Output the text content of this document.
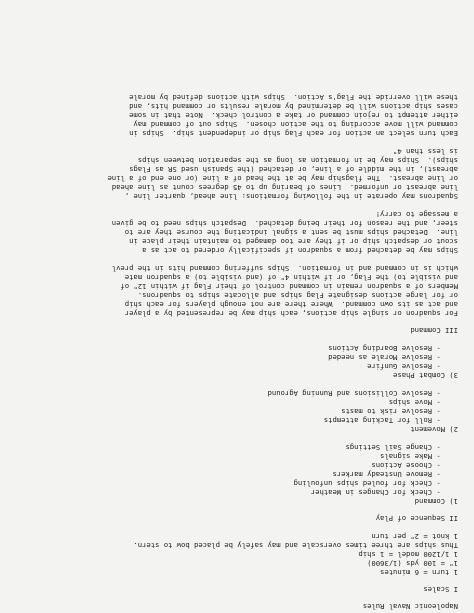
Napoleonic Naval Rules
I Scales
1 turn = 6 minutes
1" = 100 yds (1/3600)
1 1/1200 model = 1 ship
Thus ships are three times overscale and may safely be placed bow to stern.
1 knot = 2" per turn
II Sequence of Play
1) Command
- Check for Changes in Weather
- Check for fouled ships unfouling
- Remove Unsteady markers
- Choose Actions
- Make signals
- Change Sail Settings
2) Movement
- Roll for Tacking attempts
- Resolve risk to masts
- Move ships
- Resolve Collisions and Running Aground
3) Combat Phase
- Resolve Gunfire
- Resolve Morale as needed
- Resolve Boarding Actions
III Command
For squadron or single ship actions, each ship may be represented by a player
and act as its own command.  Where there are not enough players for each ship
or for large actions designate Flag ships and allocate ships to squadrons.
Members of a squadron remain in command control of their Flag if within 12" of
and visible to) the Flag, or if within 4" of (and visible to) a squadron mate
which is in command and in formation.  Ships suffering command hits in the prevl
Ships may be detached from a squadron if specifically ordered to act as a
scout or despatch ship or if they are too damaged to maintain their place in
line.  Detached ships must be sent a signal indicating the course they are to
steer, and the reason for their being detached.  Despatch ships need to be given
a message to carry!
Squadrons may operate in the following formations: line ahead, quarter line ,
line abreast or unformed.  Lines of bearing up to 45 degrees count as line ahead
or line abreast.  The flagship may be at the head of a line (or one end of a line
abreast), in the middle of a line, or detached (the Spanish used SR as Flags
ships).  Ships may be in formation as long as the separation between ships
is less than 4"
Each turn select an action for each Flag ship or independent ship.  Ships in
command will move according to the action chosen.  Ships out of command may
either attempt to rejoin command or take a control check.  Note that in some
cases ship actions will be determined by morale results or command hits, and
these will override the Flag's Action.  Ships with actions defined by morale
